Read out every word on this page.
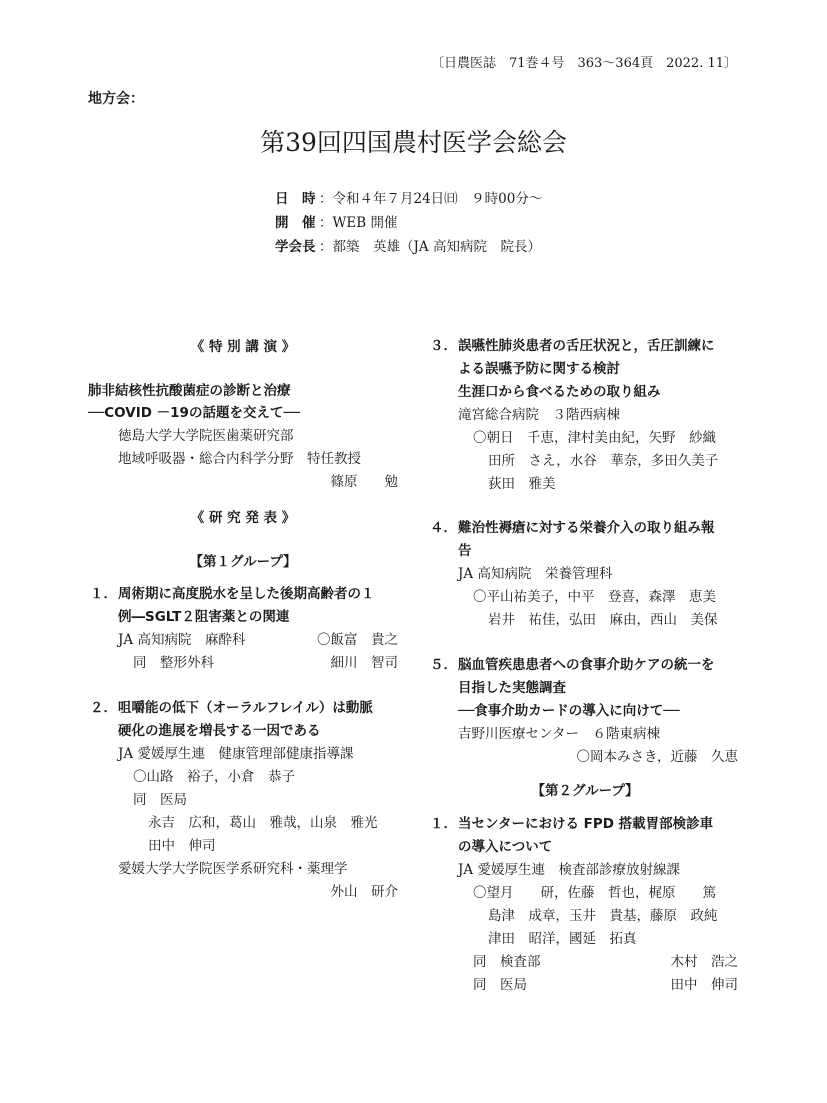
〔日農医誌　71巻４号　363～364頁　2022. 11〕
地方会：
第39回四国農村医学会総会
日　時 ：令和４年７月24日㈰　９時00分～
開　催 ：WEB 開催
学会長 ：都築　英雄（JA 高知病院　院長）
《 特 別 講 演 》
肺非結核性抗酸菌症の診断と治療
──COVID －19の話題を交えて──
徳島大学大学院医歯薬研究部
地域呼吸器・総合内科学分野　特任教授
篠原　　勉
《 研 究 発 表 》
【第１グループ】
１． 周術期に高度脱水を呈した後期高齢者の１
例―SGLT２阻害薬との関連
JA 高知病院　麻酔科	〇飯富　貴之
同　整形外科	細川　智司
２． 咀嚼能の低下（オーラルフレイル）は動脈
硬化の進展を増長する一因である
JA 愛媛厚生連　健康管理部健康指導課
〇山路　裕子，小倉　恭子
同　医局
永吉　広和，葛山　雅哉，山泉　雅光
田中　伸司
愛媛大学大学院医学系研究科・薬理学
外山　研介
３． 誤嚥性肺炎患者の舌圧状況と，舌圧訓練に
よる誤嚥予防に関する検討
生涯口から食べるための取り組み
滝宮総合病院　３階西病棟
〇朝日　千恵，津村美由紀，矢野　紗織
田所　さえ，水谷　華奈，多田久美子
荻田　雅美
４． 難治性褥瘡に対する栄養介入の取り組み報
告
JA 高知病院　栄養管理科
〇平山祐美子，中平　登喜，森澤　恵美
岩井　祐佳，弘田　麻由，西山　美保
５． 脳血管疾患患者への食事介助ケアの統一を
目指した実態調査
──食事介助カードの導入に向けて──
吉野川医療センター　６階東病棟
〇岡本みさき，近藤　久恵
【第２グループ】
１． 当センターにおける FPD 搭載胃部検診車
の導入について
JA 愛媛厚生連　検査部診療放射線課
〇望月　　研，佐藤　哲也，梶原　　篤
島津　成章，玉井　貴基，藤原　政純
津田　昭洋，國延　拓真
同　検査部	木村　浩之
同　医局	田中　伸司
